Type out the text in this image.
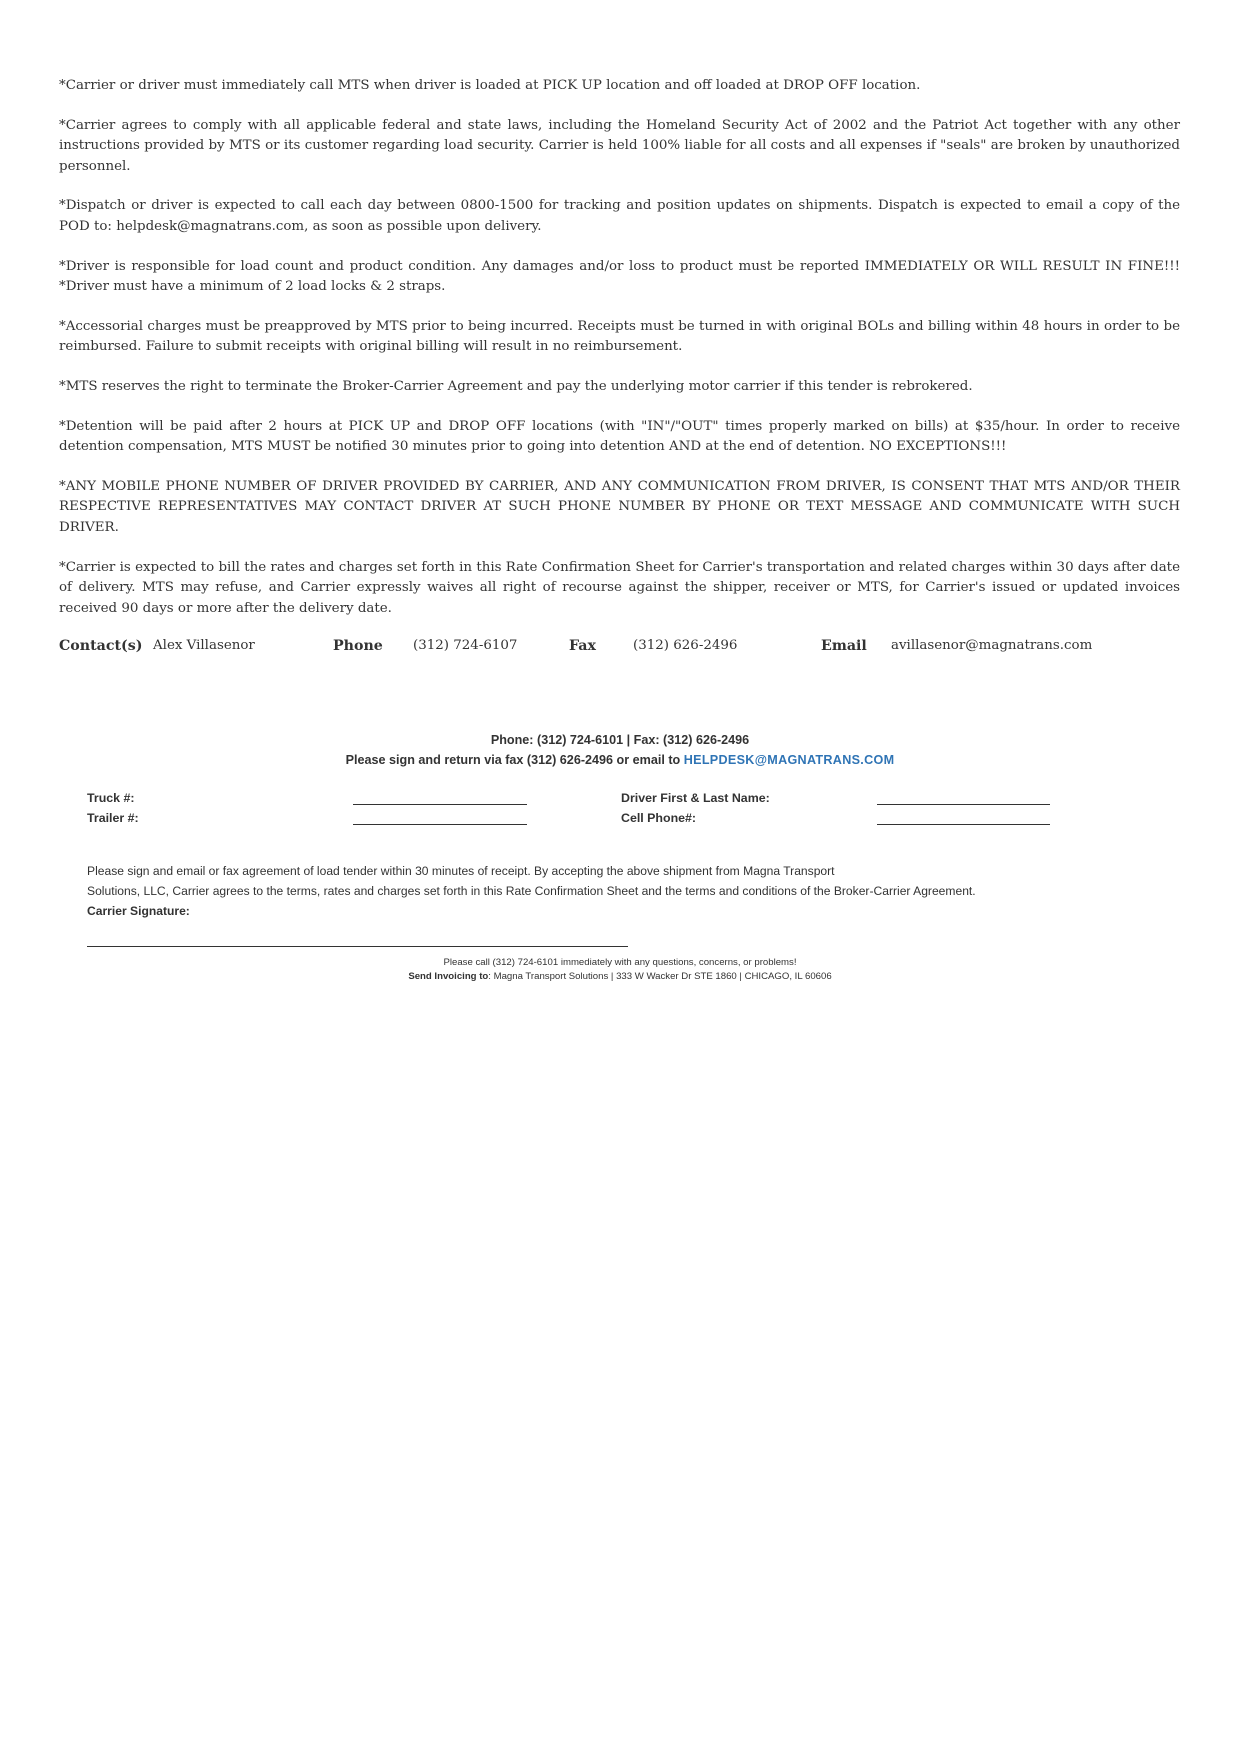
*Carrier or driver must immediately call MTS when driver is loaded at PICK UP location and off loaded at DROP OFF location.

*Carrier agrees to comply with all applicable federal and state laws, including the Homeland Security Act of 2002 and the Patriot Act together with any other instructions provided by MTS or its customer regarding load security. Carrier is held 100% liable for all costs and all expenses if "seals" are broken by unauthorized personnel.

*Dispatch or driver is expected to call each day between 0800-1500 for tracking and position updates on shipments. Dispatch is expected to email a copy of the POD to: helpdesk@magnatrans.com, as soon as possible upon delivery.

*Driver is responsible for load count and product condition. Any damages and/or loss to product must be reported IMMEDIATELY OR WILL RESULT IN FINE!!! *Driver must have a minimum of 2 load locks & 2 straps.

*Accessorial charges must be preapproved by MTS prior to being incurred. Receipts must be turned in with original BOLs and billing within 48 hours in order to be reimbursed. Failure to submit receipts with original billing will result in no reimbursement.

*MTS reserves the right to terminate the Broker-Carrier Agreement and pay the underlying motor carrier if this tender is rebrokered.

*Detention will be paid after 2 hours at PICK UP and DROP OFF locations (with "IN"/"OUT" times properly marked on bills) at $35/hour. In order to receive detention compensation, MTS MUST be notified 30 minutes prior to going into detention AND at the end of detention. NO EXCEPTIONS!!!

*ANY MOBILE PHONE NUMBER OF DRIVER PROVIDED BY CARRIER, AND ANY COMMUNICATION FROM DRIVER, IS CONSENT THAT MTS AND/OR THEIR RESPECTIVE REPRESENTATIVES MAY CONTACT DRIVER AT SUCH PHONE NUMBER BY PHONE OR TEXT MESSAGE AND COMMUNICATE WITH SUCH DRIVER.

*Carrier is expected to bill the rates and charges set forth in this Rate Confirmation Sheet for Carrier's transportation and related charges within 30 days after date of delivery. MTS may refuse, and Carrier expressly waives all right of recourse against the shipper, receiver or MTS, for Carrier's issued or updated invoices received 90 days or more after the delivery date.

Contact(s) Alex Villasenor	Phone (312) 724-6107	Fax	(312) 626-2496	Email avillasenor@magnatrans.com
Phone: (312) 724-6101 | Fax: (312) 626-2496
Please sign and return via fax (312) 626-2496 or email to HELPDESK@MAGNATRANS.COM
Truck #:
Trailer #:
Driver First & Last Name:
Cell Phone#:
Please sign and email or fax agreement of load tender within 30 minutes of receipt. By accepting the above shipment from Magna Transport
Solutions, LLC, Carrier agrees to the terms, rates and charges set forth in this Rate Confirmation Sheet and the terms and conditions of the Broker-Carrier Agreement.
Carrier Signature:
Please call (312) 724-6101 immediately with any questions, concerns, or problems!
Send Invoicing to: Magna Transport Solutions | 333 W Wacker Dr STE 1860 | CHICAGO, IL 60606
